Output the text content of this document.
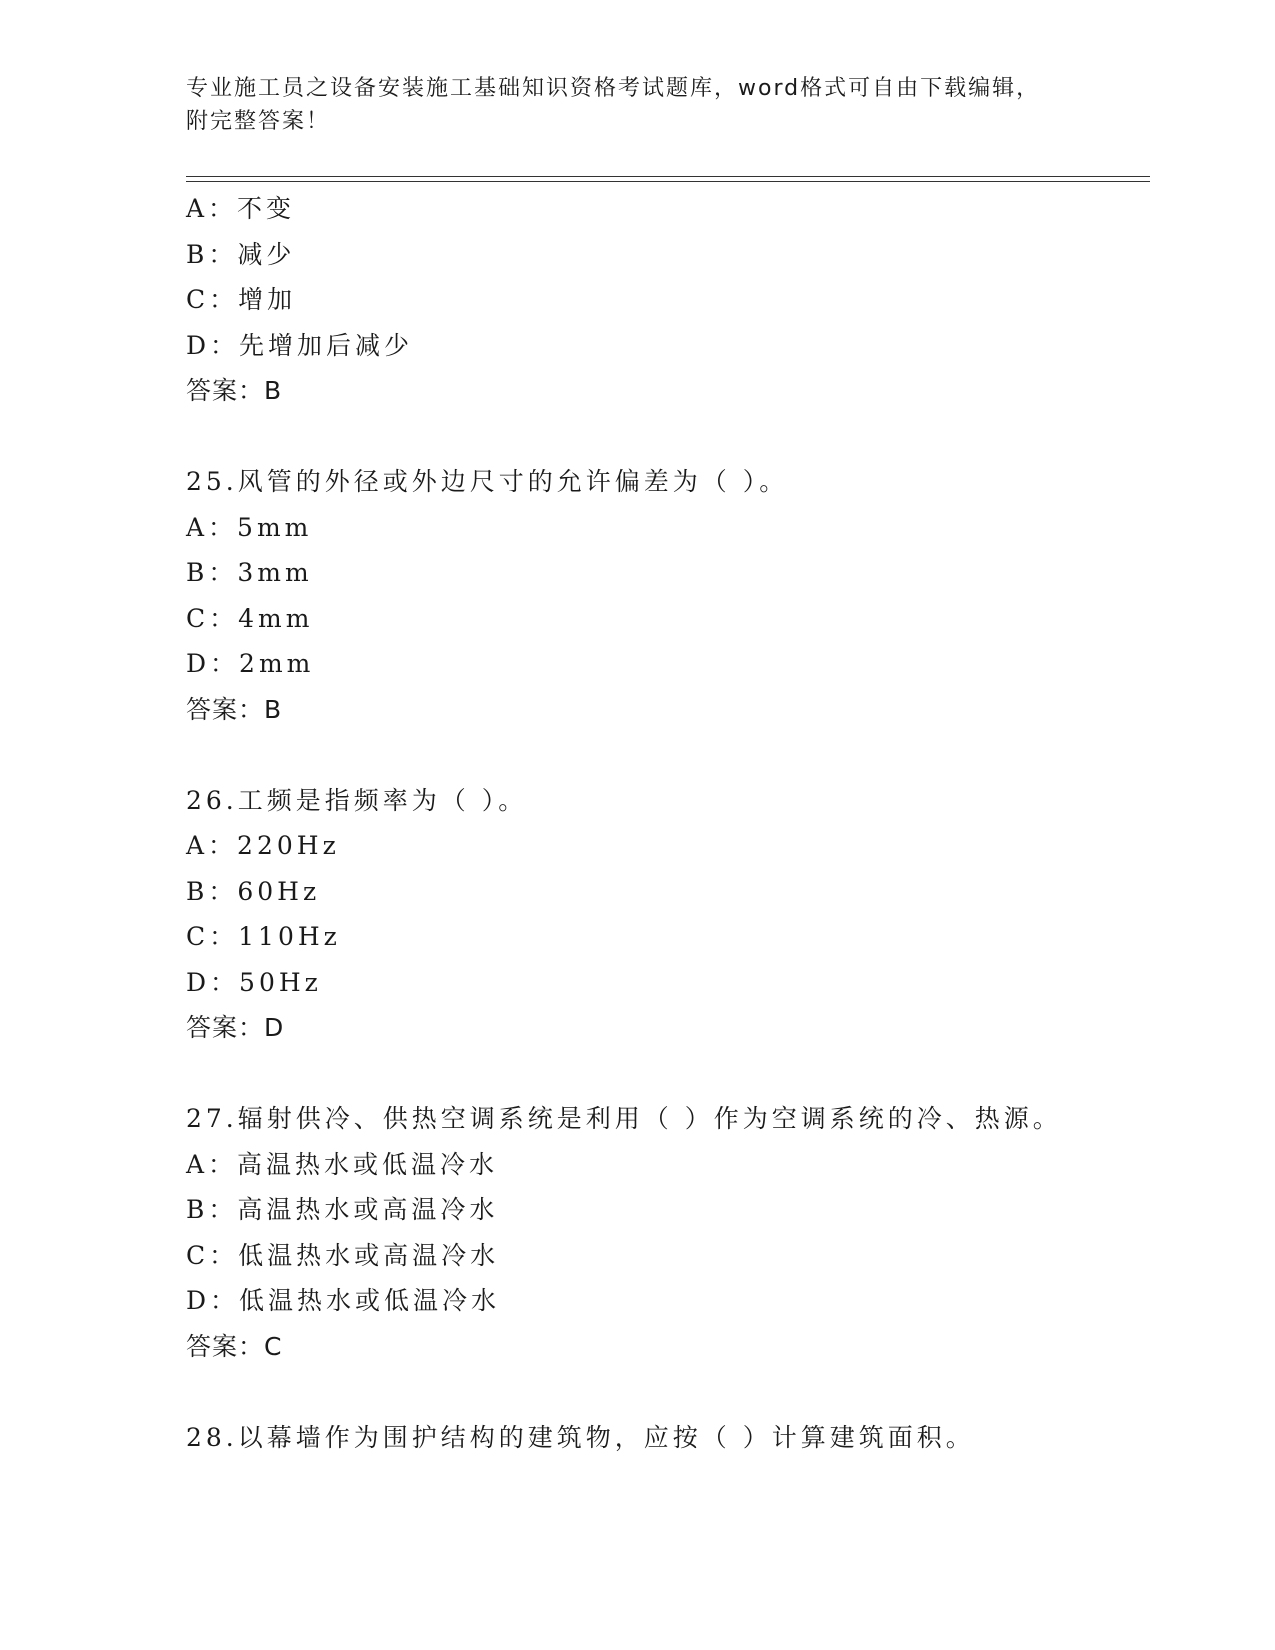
专业施工员之设备安装施工基础知识资格考试题库，word格式可自由下载编辑，
附完整答案！
A：不变
B：减少
C：增加
D：先增加后减少
答案：B
25.风管的外径或外边尺寸的允许偏差为（ ）。
A：5mm
B：3mm
C：4mm
D：2mm
答案：B
26.工频是指频率为（ ）。
A：220Hz
B：60Hz
C：110Hz
D：50Hz
答案：D
27.辐射供冷、供热空调系统是利用（ ）作为空调系统的冷、热源。
A：高温热水或低温冷水
B：高温热水或高温冷水
C：低温热水或高温冷水
D：低温热水或低温冷水
答案：C
28.以幕墙作为围护结构的建筑物，应按（ ）计算建筑面积。
